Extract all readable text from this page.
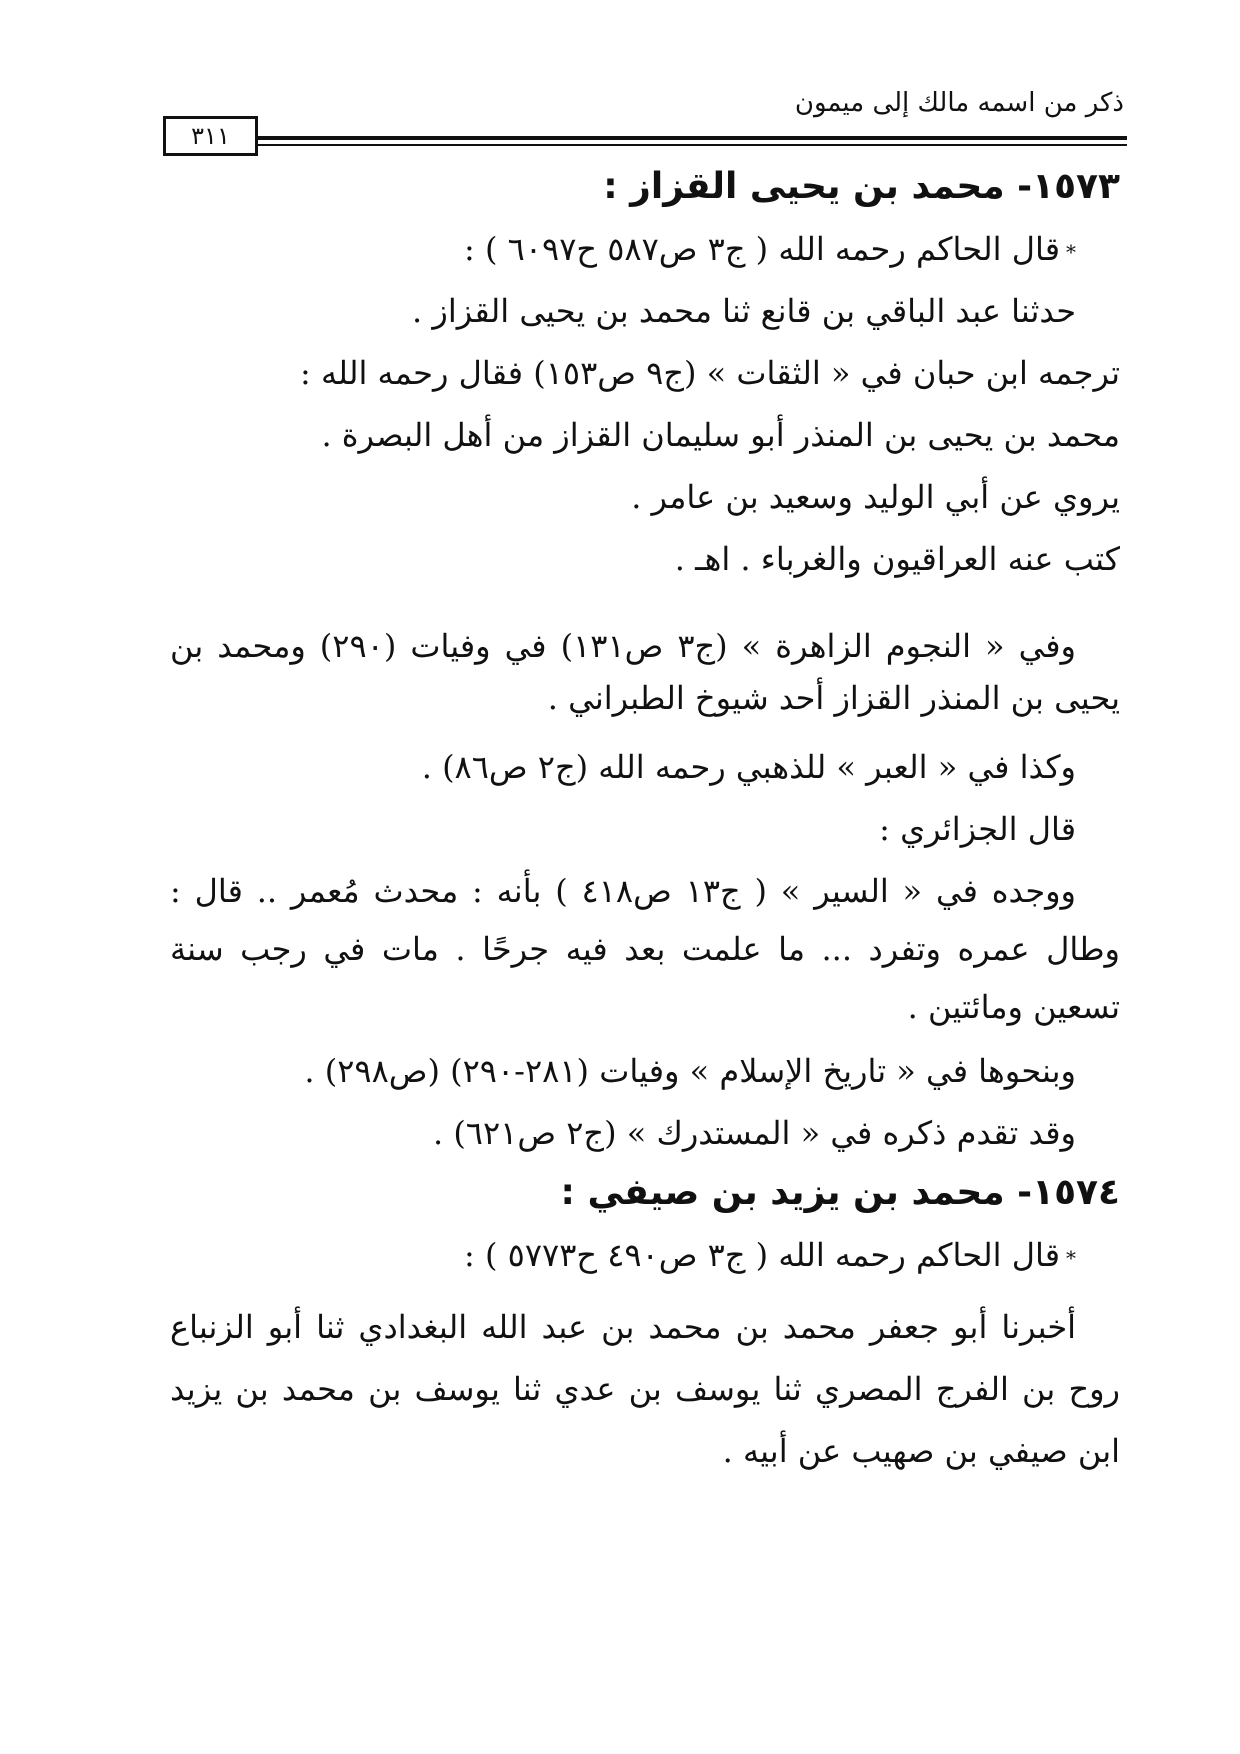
ذكر من اسمه مالك إلى ميمون
٣١١

١٥٧٣- محمد بن يحيى القزاز :

*قال الحاكم رحمه الله ( ج٣ ص٥٨٧ ح٦٠٩٧ ) :

حدثنا عبد الباقي بن قانع ثنا محمد بن يحيى القزاز .

ترجمه ابن حبان في « الثقات » (ج٩ ص١٥٣) فقال رحمه الله :

محمد بن يحيى بن المنذر أبو سليمان القزاز من أهل البصرة .

يروي عن أبي الوليد وسعيد بن عامر .

كتب عنه العراقيون والغرباء . اهـ .

وفي « النجوم الزاهرة » (ج٣ ص١٣١) في وفيات (٢٩٠) ومحمد بن

يحيى بن المنذر القزاز أحد شيوخ الطبراني .

وكذا في « العبر » للذهبي رحمه الله (ج٢ ص٨٦) .

قال الجزائري :

ووجده في « السير » ( ج١٣ ص٤١٨ ) بأنه : محدث مُعمر .. قال :

وطال عمره وتفرد ... ما علمت بعد فيه جرحًا . مات في رجب سنة

تسعين ومائتين .

وبنحوها في « تاريخ الإسلام » وفيات (٢٨١-٢٩٠) (ص٢٩٨) .

وقد تقدم ذكره في « المستدرك » (ج٢ ص٦٢١) .

١٥٧٤- محمد بن يزيد بن صيفي :

*قال الحاكم رحمه الله ( ج٣ ص٤٩٠ ح٥٧٧٣ ) :

أخبرنا أبو جعفر محمد بن محمد بن عبد الله البغدادي ثنا أبو الزنباع

روح بن الفرج المصري ثنا يوسف بن عدي ثنا يوسف بن محمد بن يزيد

ابن صيفي بن صهيب عن أبيه .
